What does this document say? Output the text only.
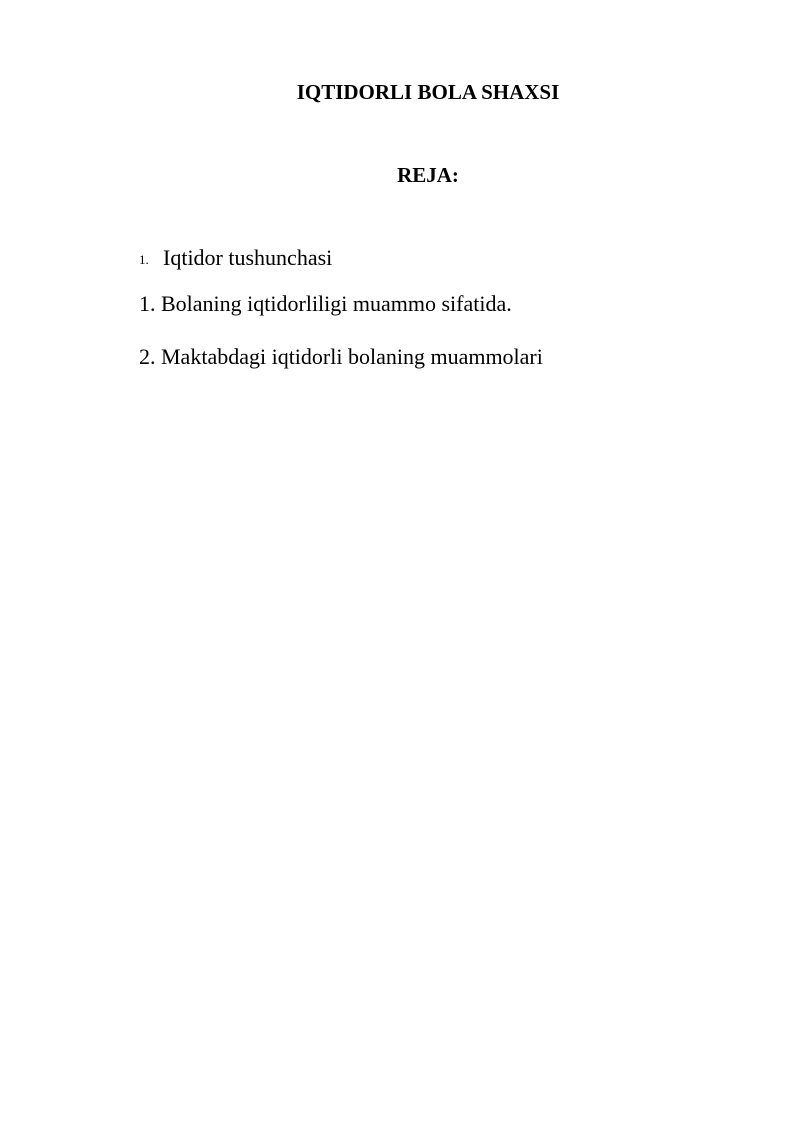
IQTIDORLI BOLA SHAXSI
REJA:
1. Iqtidor tushunchasi
1. Bolaning iqtidorliligi muammo sifatida.
2. Maktabdagi iqtidorli bolaning muammolari
